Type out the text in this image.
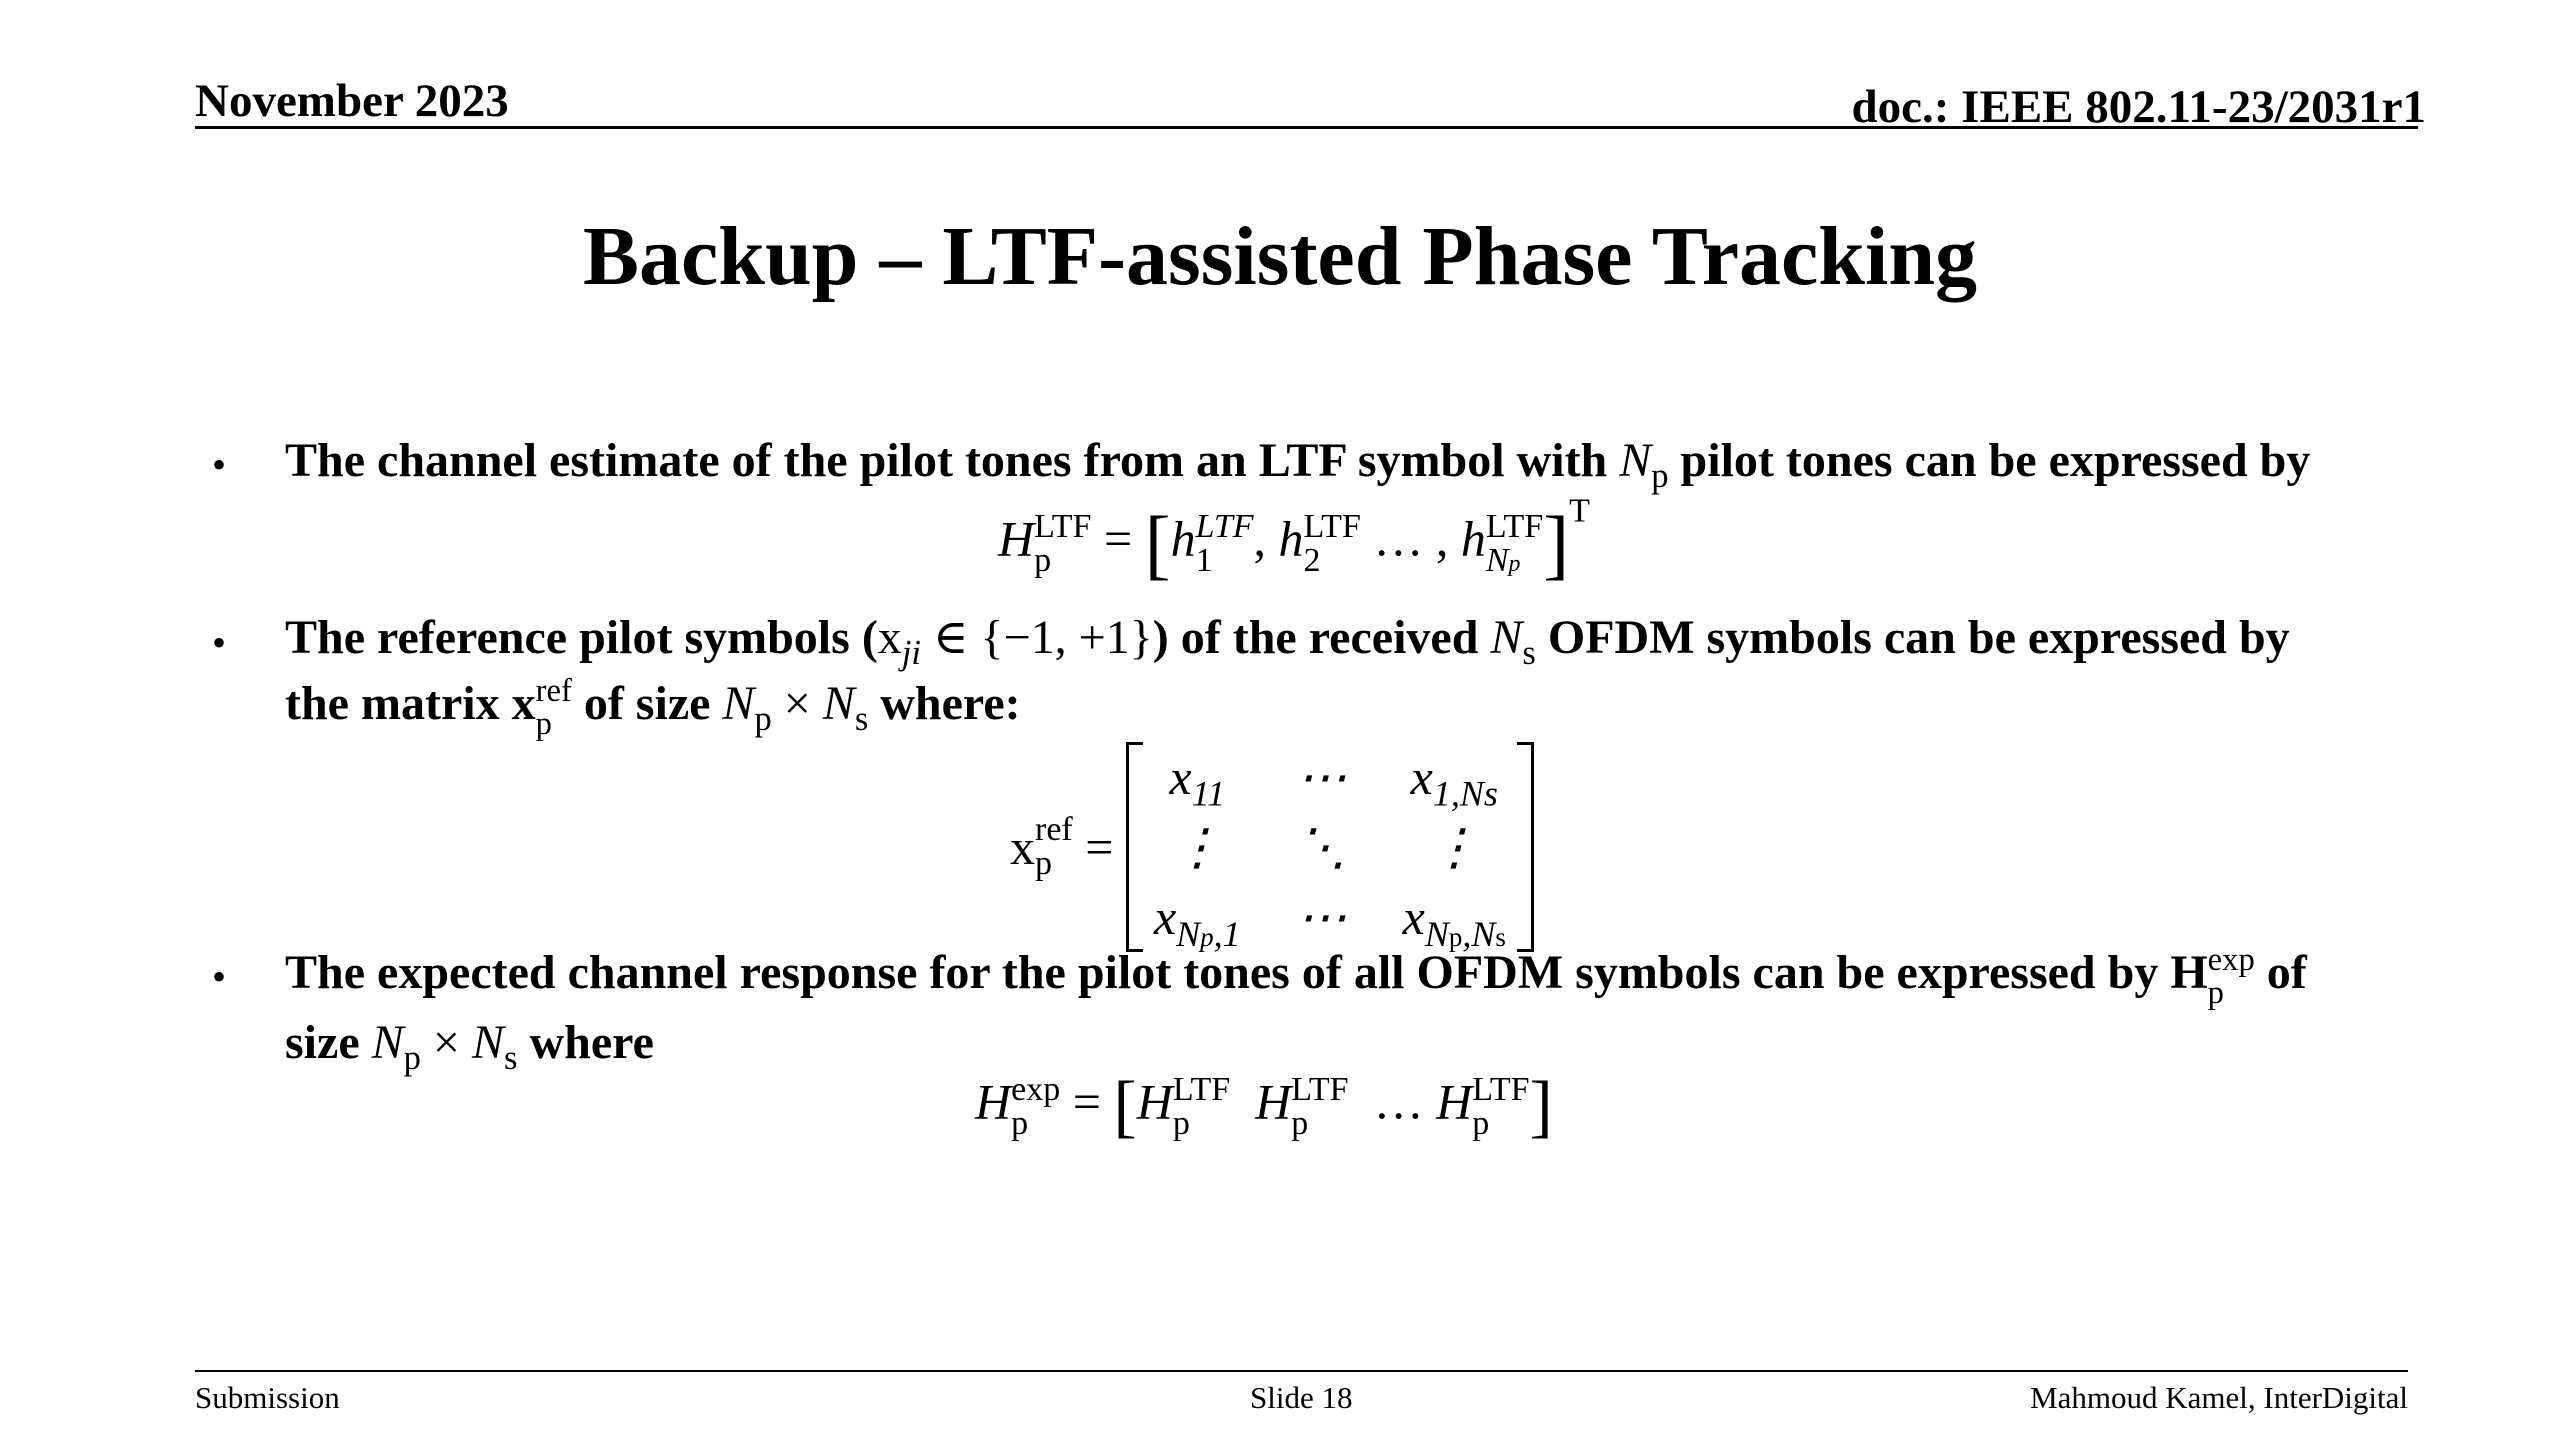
November 2023	doc.: IEEE 802.11-23/2031r1
Backup – LTF-assisted Phase Tracking
• The channel estimate of the pilot tones from an LTF symbol with $N_p$ pilot tones can be expressed by
H LTF
p = [h LTF
1 , h LTF
2 … , h LTF
Np ]$^T$
• The reference pilot symbols ($x_{ji}$ ∈ {−1, +1}) of the received $N_s$ OFDM symbols can be expressed by
the matrix x ref
p of size $N_p \times N_s$ where:
x ref
p =
$x_{11}$	⋯	$x_{1,Ns}$
⋮	⋱	⋮
$x_{Np,1}$	⋯	$x_{Np,Ns}$
• The expected channel response for the pilot tones of all OFDM symbols can be expressed by H exp
p of
size $N_p \times N_s$ where
H exp
p = [H LTF
p	H LTF
p … H LTF
p ]
Submission	Slide 18	Mahmoud Kamel, InterDigital
